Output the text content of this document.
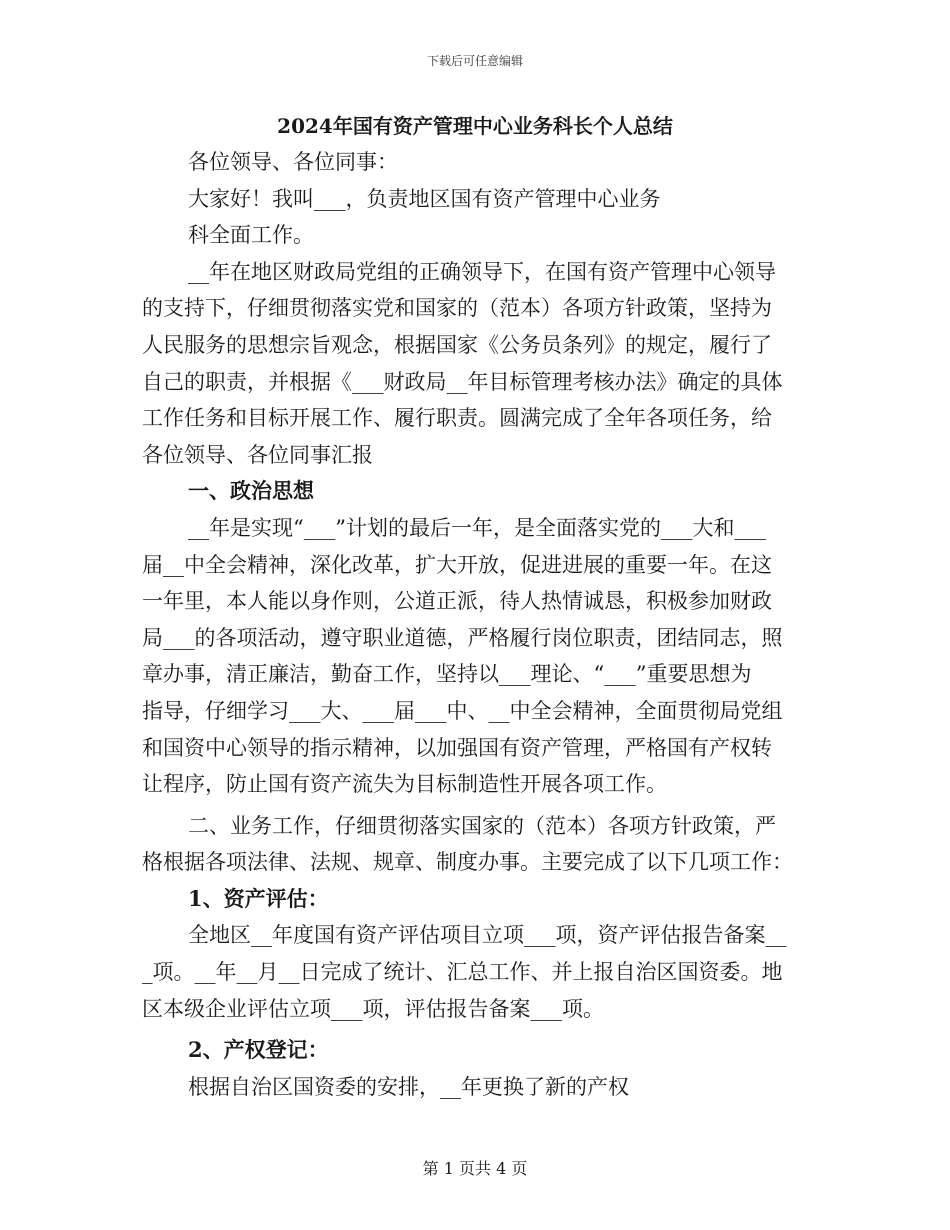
下载后可任意编辑
2024年国有资产管理中心业务科长个人总结

各位领导、各位同事：

大家好！我叫___，负责地区国有资产管理中心业务

科全面工作。

__年在地区财政局党组的正确领导下，在国有资产管理中心领导

的支持下，仔细贯彻落实党和国家的（范本）各项方针政策，坚持为

人民服务的思想宗旨观念，根据国家《公务员条列》的规定，履行了

自己的职责，并根据《___财政局__年目标管理考核办法》确定的具体

工作任务和目标开展工作、履行职责。圆满完成了全年各项任务，给

各位领导、各位同事汇报

一、政治思想

__年是实现“___”计划的最后一年，是全面落实党的___大和___

届__中全会精神，深化改革，扩大开放，促进进展的重要一年。在这

一年里，本人能以身作则，公道正派，待人热情诚恳，积极参加财政

局___的各项活动，遵守职业道德，严格履行岗位职责，团结同志，照

章办事，清正廉洁，勤奋工作，坚持以___理论、“___”重要思想为

指导，仔细学习___大、___届___中、__中全会精神，全面贯彻局党组

和国资中心领导的指示精神，以加强国有资产管理，严格国有产权转

让程序，防止国有资产流失为目标制造性开展各项工作。

二、业务工作，仔细贯彻落实国家的（范本）各项方针政策，严

格根据各项法律、法规、规章、制度办事。主要完成了以下几项工作：

1、资产评估：

全地区__年度国有资产评估项目立项___项，资产评估报告备案__

_项。__年__月__日完成了统计、汇总工作、并上报自治区国资委。地

区本级企业评估立项___项，评估报告备案___项。

2、产权登记：

根据自治区国资委的安排，__年更换了新的产权

第 1 页共 4 页
